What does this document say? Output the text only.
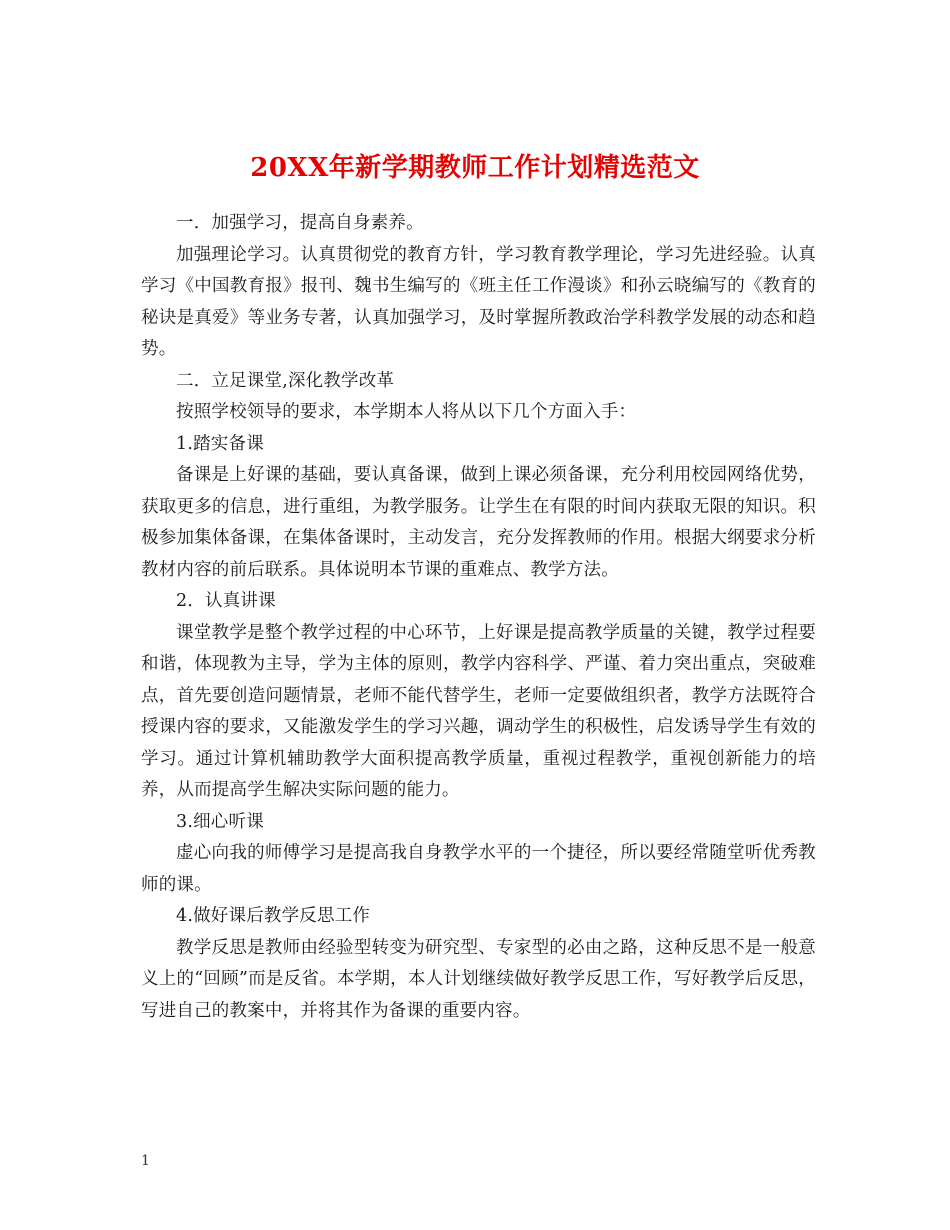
20XX年新学期教师工作计划精选范文

一．加强学习，提高自身素养。

加强理论学习。认真贯彻党的教育方针，学习教育教学理论，学习先进经验。认真学习《中国教育报》报刊、魏书生编写的《班主任工作漫谈》和孙云晓编写的《教育的秘诀是真爱》等业务专著，认真加强学习，及时掌握所教政治学科教学发展的动态和趋势。

二．立足课堂,深化教学改革

按照学校领导的要求，本学期本人将从以下几个方面入手：

1.踏实备课

备课是上好课的基础，要认真备课，做到上课必须备课，充分利用校园网络优势，获取更多的信息，进行重组，为教学服务。让学生在有限的时间内获取无限的知识。积极参加集体备课，在集体备课时，主动发言，充分发挥教师的作用。根据大纲要求分析教材内容的前后联系。具体说明本节课的重难点、教学方法。

2．认真讲课

课堂教学是整个教学过程的中心环节，上好课是提高教学质量的关键，教学过程要和谐，体现教为主导，学为主体的原则，教学内容科学、严谨、着力突出重点，突破难点，首先要创造问题情景，老师不能代替学生，老师一定要做组织者，教学方法既符合授课内容的要求，又能激发学生的学习兴趣，调动学生的积极性，启发诱导学生有效的学习。通过计算机辅助教学大面积提高教学质量，重视过程教学，重视创新能力的培养，从而提高学生解决实际问题的能力。

3.细心听课

虚心向我的师傅学习是提高我自身教学水平的一个捷径，所以要经常随堂听优秀教师的课。

4.做好课后教学反思工作

教学反思是教师由经验型转变为研究型、专家型的必由之路，这种反思不是一般意义上的“回顾”而是反省。本学期，本人计划继续做好教学反思工作，写好教学后反思，写进自己的教案中，并将其作为备课的重要内容。

1
